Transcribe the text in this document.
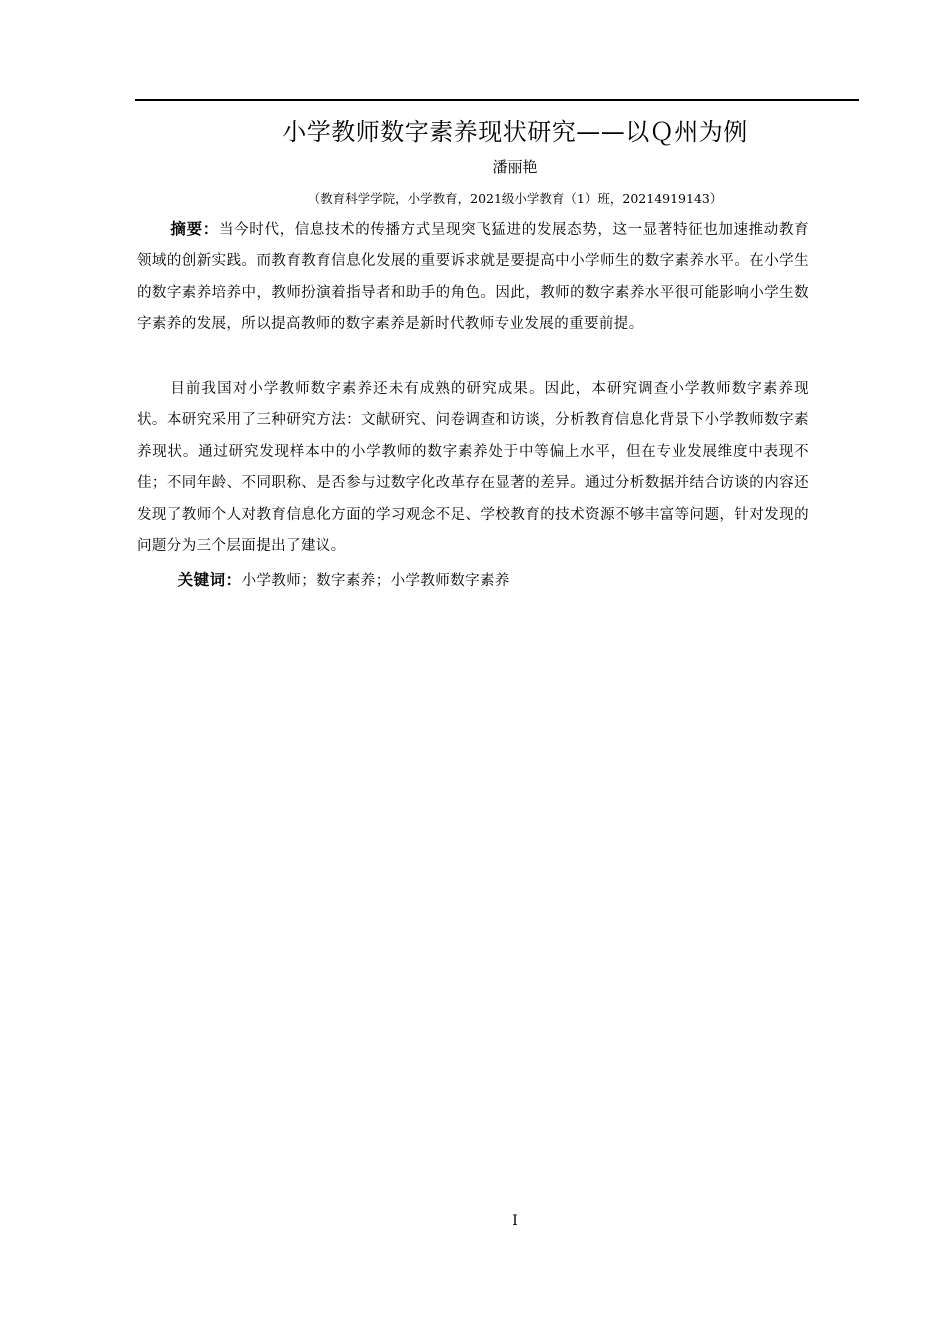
小学教师数字素养现状研究——以Ｑ州为例
潘丽艳
（教育科学学院，小学教育，2021级小学教育（1）班，20214919143）

摘要：当今时代，信息技术的传播方式呈现突飞猛进的发展态势，这一显著特征也加速推动教育领域的创新实践。而教育教育信息化发展的重要诉求就是要提高中小学师生的数字素养水平。在小学生的数字素养培养中，教师扮演着指导者和助手的角色。因此，教师的数字素养水平很可能影响小学生数字素养的发展，所以提高教师的数字素养是新时代教师专业发展的重要前提。

目前我国对小学教师数字素养还未有成熟的研究成果。因此，本研究调查小学教师数字素养现状。本研究采用了三种研究方法：文献研究、问卷调查和访谈，分析教育信息化背景下小学教师数字素养现状。通过研究发现样本中的小学教师的数字素养处于中等偏上水平，但在专业发展维度中表现不佳；不同年龄、不同职称、是否参与过数字化改革存在显著的差异。通过分析数据并结合访谈的内容还发现了教师个人对教育信息化方面的学习观念不足、学校教育的技术资源不够丰富等问题，针对发现的问题分为三个层面提出了建议。

关键词：小学教师；数字素养；小学教师数字素养

I
